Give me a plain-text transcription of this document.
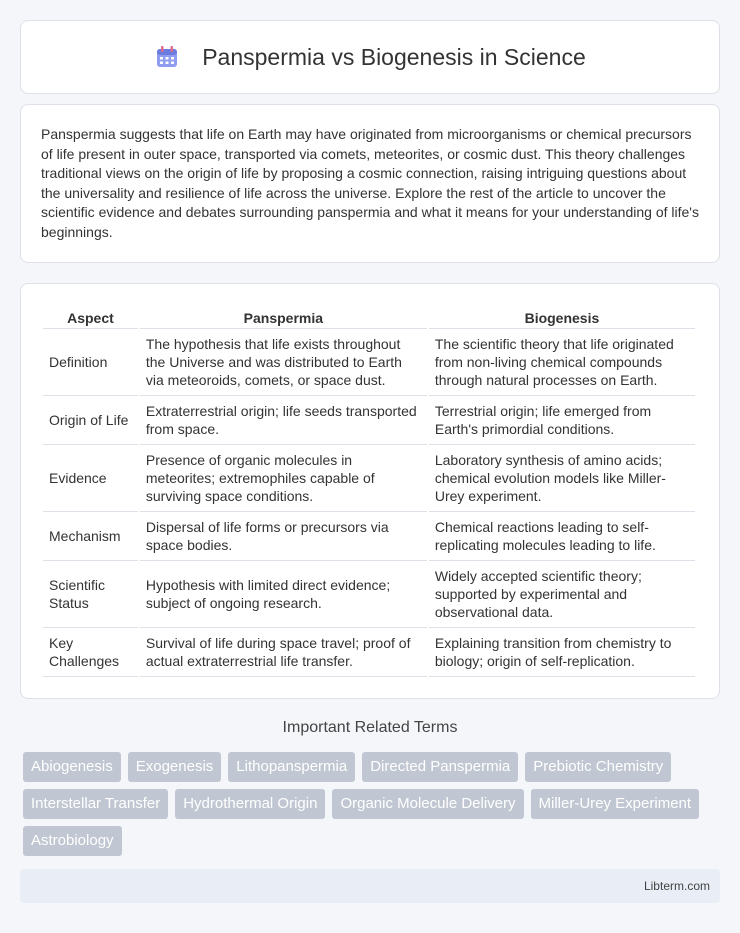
Panspermia vs Biogenesis in Science

Panspermia suggests that life on Earth may have originated from microorganisms or chemical precursors of life present in outer space, transported via comets, meteorites, or cosmic dust. This theory challenges traditional views on the origin of life by proposing a cosmic connection, raising intriguing questions about the universality and resilience of life across the universe. Explore the rest of the article to uncover the scientific evidence and debates surrounding panspermia and what it means for your understanding of life's beginnings.

Aspect	Panspermia	Biogenesis
Definition	The hypothesis that life exists throughout the Universe and was distributed to Earth via meteoroids, comets, or space dust.	The scientific theory that life originated from non-living chemical compounds through natural processes on Earth.
Origin of Life	Extraterrestrial origin; life seeds transported from space.	Terrestrial origin; life emerged from Earth's primordial conditions.
Evidence	Presence of organic molecules in meteorites; extremophiles capable of surviving space conditions.	Laboratory synthesis of amino acids; chemical evolution models like Miller-Urey experiment.
Mechanism	Dispersal of life forms or precursors via space bodies.	Chemical reactions leading to self-replicating molecules leading to life.
Scientific Status	Hypothesis with limited direct evidence; subject of ongoing research.	Widely accepted scientific theory; supported by experimental and observational data.
Key Challenges	Survival of life during space travel; proof of actual extraterrestrial life transfer.	Explaining transition from chemistry to biology; origin of self-replication.
Important Related Terms
Abiogenesis	Exogenesis	Lithopanspermia	Directed Panspermia	Prebiotic Chemistry
Interstellar Transfer	Hydrothermal Origin	Organic Molecule Delivery	Miller-Urey Experiment
Astrobiology
Libterm.com
